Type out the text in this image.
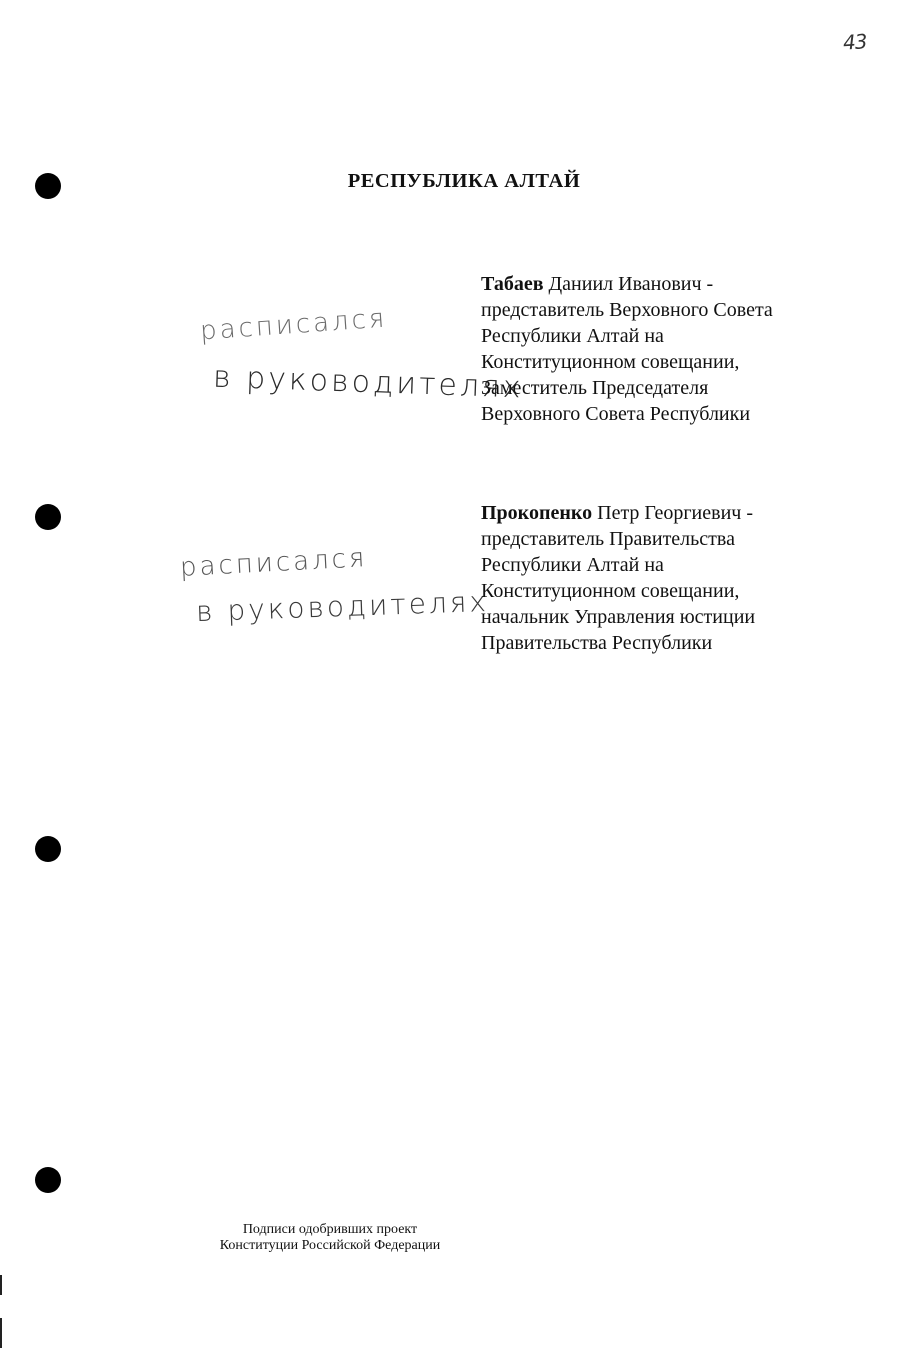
43
РЕСПУБЛИКА АЛТАЙ
расписался
в руководителях
Табаев Даниил Иванович -
представитель Верховного Совета
Республики Алтай на
Конституционном совещании,
Заместитель Председателя
Верховного Совета Республики
расписался
в руководителях
Прокопенко Петр Георгиевич -
представитель Правительства
Республики Алтай на
Конституционном совещании,
начальник Управления юстиции
Правительства Республики
Подписи одобривших проект
Конституции Российской Федерации
